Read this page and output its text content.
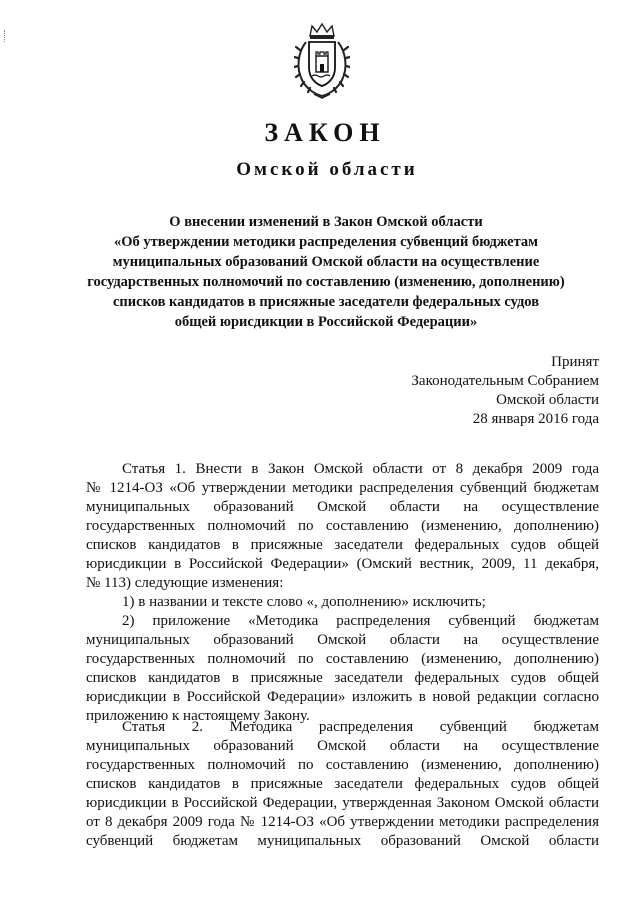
ЗАКОН
Омской области
О внесении изменений в Закон Омской области
«Об утверждении методики распределения субвенций бюджетам
муниципальных образований Омской области на осуществление
государственных полномочий по составлению (изменению, дополнению)
списков кандидатов в присяжные заседатели федеральных судов
общей юрисдикции в Российской Федерации»
Принят
Законодательным Собранием
Омской области
28 января 2016 года
Статья 1. Внести в Закон Омской области от 8 декабря 2009 года
№ 1214-ОЗ «Об утверждении методики распределения субвенций бюджетам
муниципальных образований Омской области на осуществление
государственных полномочий по составлению (изменению, дополнению)
списков кандидатов в присяжные заседатели федеральных судов общей
юрисдикции в Российской Федерации» (Омский вестник, 2009, 11 декабря,
№ 113) следующие изменения:
1) в названии и тексте слово «, дополнению» исключить;
2) приложение «Методика распределения субвенций бюджетам
муниципальных образований Омской области на осуществление
государственных полномочий по составлению (изменению, дополнению)
списков кандидатов в присяжные заседатели федеральных судов общей
юрисдикции в Российской Федерации» изложить в новой редакции согласно
приложению к настоящему Закону.
Статья 2. Методика распределения субвенций бюджетам
муниципальных образований Омской области на осуществление
государственных полномочий по составлению (изменению, дополнению)
списков кандидатов в присяжные заседатели федеральных судов общей
юрисдикции в Российской Федерации, утвержденная Законом Омской области
от 8 декабря 2009 года № 1214-ОЗ «Об утверждении методики распределения
субвенций бюджетам муниципальных образований Омской области
